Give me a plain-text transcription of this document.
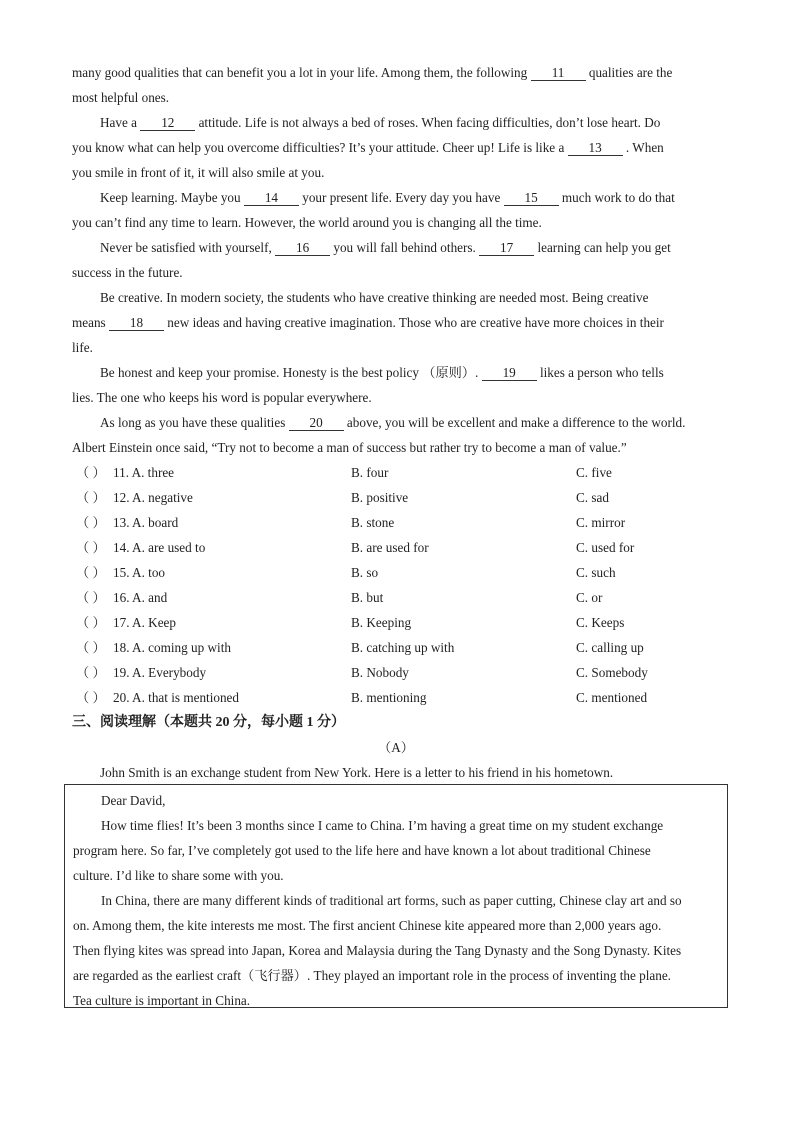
many good qualities that can benefit you a lot in your life. Among them, the following 11 qualities are the
most helpful ones.
Have a 12 attitude. Life is not always a bed of roses. When facing difficulties, don’t lose heart. Do
you know what can help you overcome difficulties? It’s your attitude. Cheer up! Life is like a 13 . When
you smile in front of it, it will also smile at you.
Keep learning. Maybe you 14 your present life. Every day you have 15 much work to do that
you can’t find any time to learn. However, the world around you is changing all the time.
Never be satisfied with yourself, 16 you will fall behind others. 17 learning can help you get
success in the future.
Be creative. In modern society, the students who have creative thinking are needed most. Being creative
means 18 new ideas and having creative imagination. Those who are creative have more choices in their
life.
Be honest and keep your promise. Honesty is the best policy （原则）. 19 likes a person who tells
lies. The one who keeps his word is popular everywhere.
As long as you have these qualities 20 above, you will be excellent and make a difference to the world.
Albert Einstein once said, “Try not to become a man of success but rather try to become a man of value.”
（ ） 11. A. three	B. four	C. five
（ ） 12. A. negative	B. positive	C. sad
（ ） 13. A. board	B. stone	C. mirror
（ ） 14. A. are used to	B. are used for	C. used for
（ ） 15. A. too	B. so	C. such
（ ） 16. A. and	B. but	C. or
（ ） 17. A. Keep	B. Keeping	C. Keeps
（ ） 18. A. coming up with	B. catching up with	C. calling up
（ ） 19. A. Everybody	B. Nobody	C. Somebody
（ ） 20. A. that is mentioned	B. mentioning	C. mentioned
三、阅读理解（本题共 20 分，每小题 1 分）
（A）
John Smith is an exchange student from New York. Here is a letter to his friend in his hometown.
Dear David,
How time flies! It’s been 3 months since I came to China. I’m having a great time on my student exchange
program here. So far, I’ve completely got used to the life here and have known a lot about traditional Chinese
culture. I’d like to share some with you.
In China, there are many different kinds of traditional art forms, such as paper cutting, Chinese clay art and so
on. Among them, the kite interests me most. The first ancient Chinese kite appeared more than 2,000 years ago.
Then flying kites was spread into Japan, Korea and Malaysia during the Tang Dynasty and the Song Dynasty. Kites
are regarded as the earliest craft（飞行器）. They played an important role in the process of inventing the plane.
Tea culture is important in China.
